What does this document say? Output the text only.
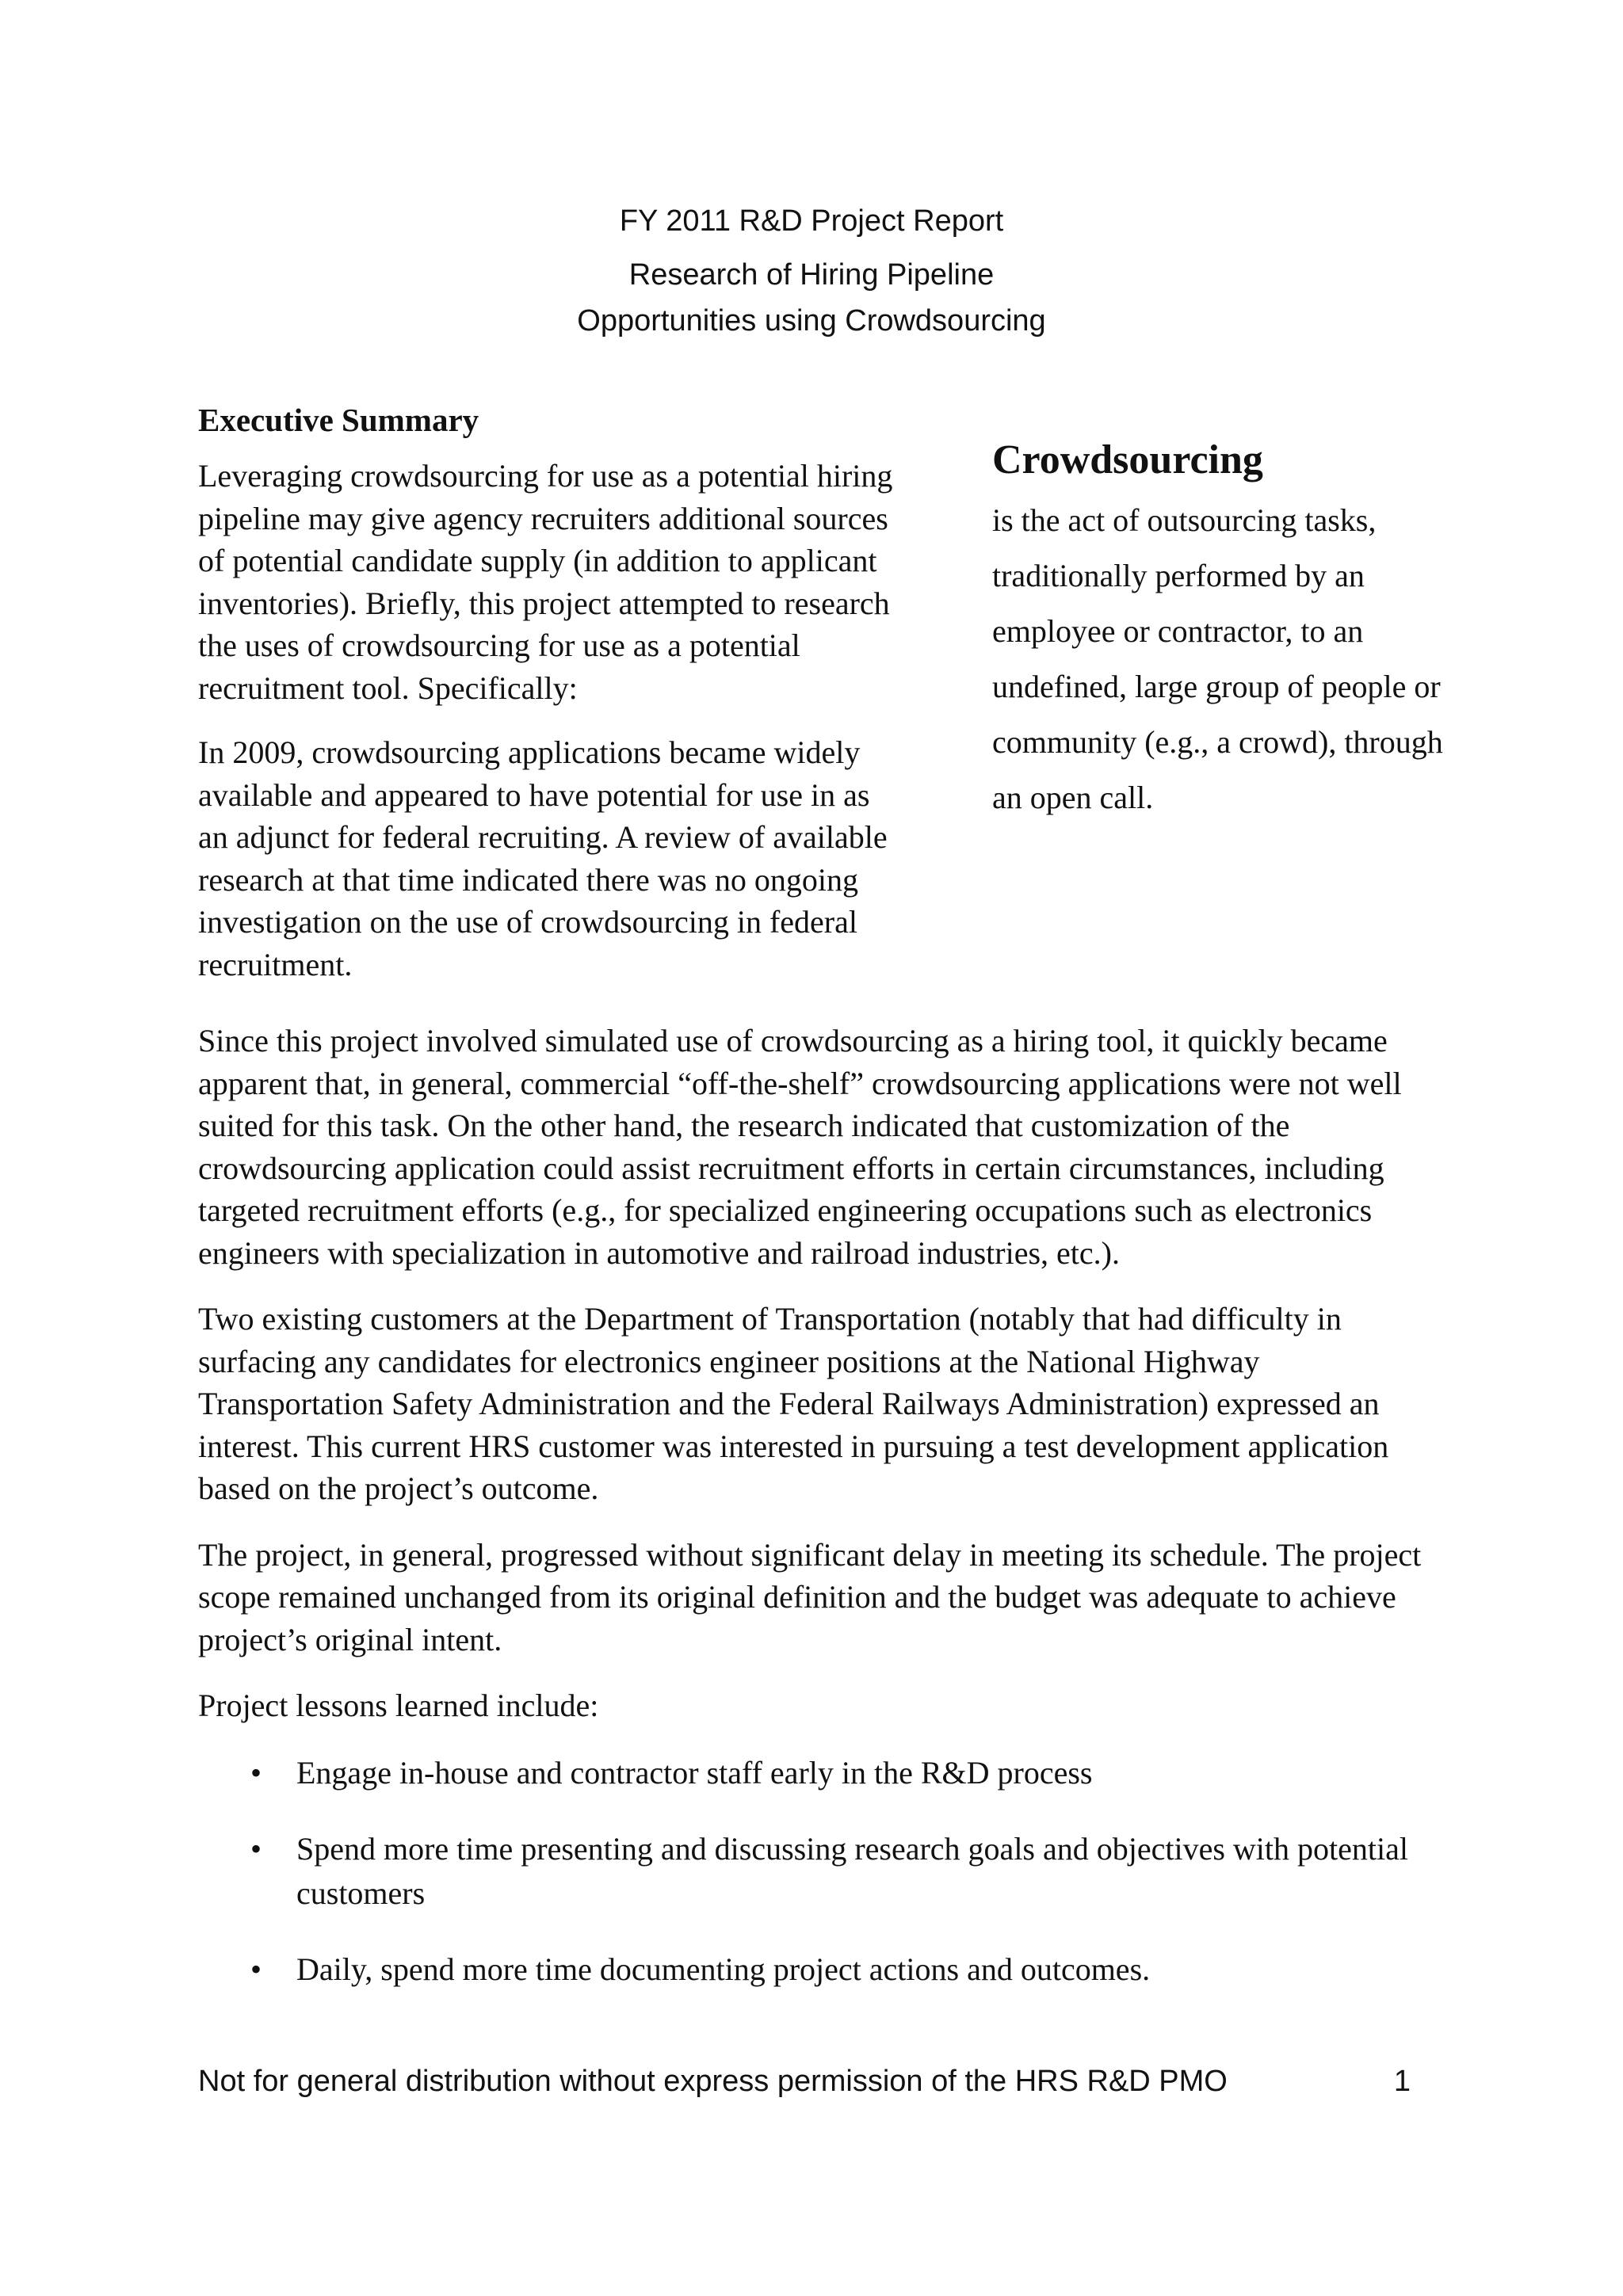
FY 2011 R&D Project Report
Research of Hiring Pipeline
Opportunities using Crowdsourcing
Executive Summary

Leveraging crowdsourcing for use as a potential hiring pipeline may give agency recruiters additional sources of potential candidate supply (in addition to applicant inventories). Briefly, this project attempted to research the uses of crowdsourcing for use as a potential recruitment tool. Specifically:

In 2009, crowdsourcing applications became widely available and appeared to have potential for use in as an adjunct for federal recruiting. A review of available research at that time indicated there was no ongoing investigation on the use of crowdsourcing in federal recruitment.

Crowdsourcing
is the act of outsourcing tasks, traditionally performed by an employee or contractor, to an undefined, large group of people or community (e.g., a crowd), through an open call.

Since this project involved simulated use of crowdsourcing as a hiring tool, it quickly became apparent that, in general, commercial “off-the-shelf” crowdsourcing applications were not well suited for this task. On the other hand, the research indicated that customization of the crowdsourcing application could assist recruitment efforts in certain circumstances, including targeted recruitment efforts (e.g., for specialized engineering occupations such as electronics engineers with specialization in automotive and railroad industries, etc.).

Two existing customers at the Department of Transportation (notably that had difficulty in surfacing any candidates for electronics engineer positions at the National Highway Transportation Safety Administration and the Federal Railways Administration) expressed an interest. This current HRS customer was interested in pursuing a test development application based on the project’s outcome.

The project, in general, progressed without significant delay in meeting its schedule. The project scope remained unchanged from its original definition and the budget was adequate to achieve project’s original intent.

Project lessons learned include:

• Engage in-house and contractor staff early in the R&D process
• Spend more time presenting and discussing research goals and objectives with potential customers
• Daily, spend more time documenting project actions and outcomes.
Not for general distribution without express permission of the HRS R&D PMO	1
